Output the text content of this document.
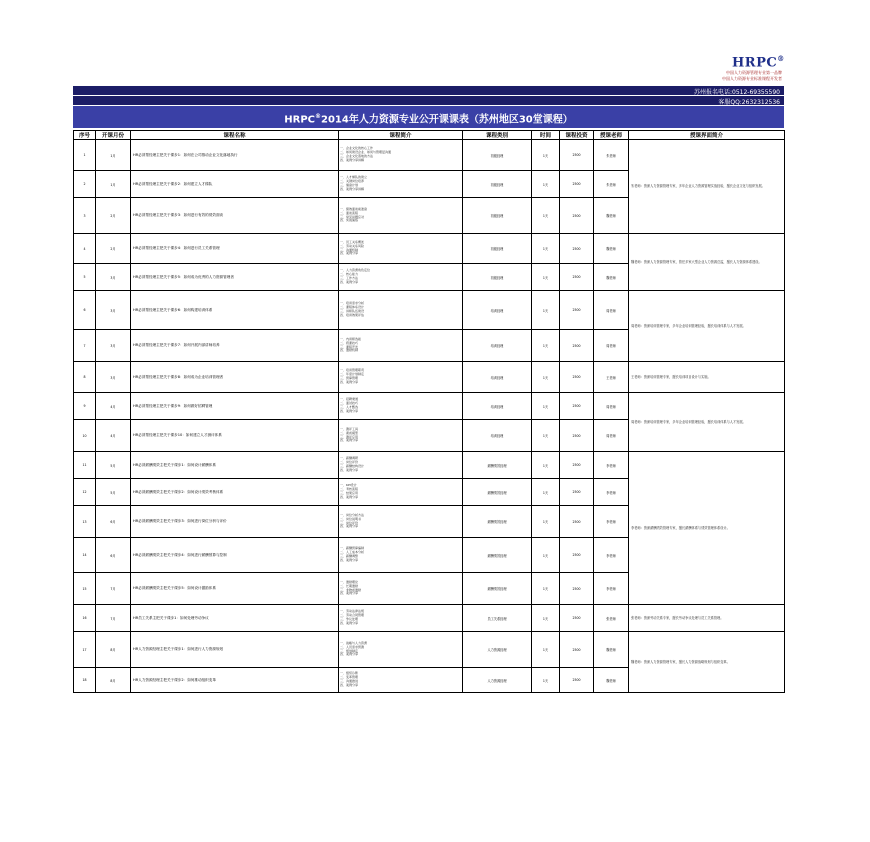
HRPC®
中国人力资源管理专业第一品牌
中国人力资源专业标准课程开发者
苏州报名电话:0512-69355590
客服QQ:2632312536
HRPC®2014年人力资源专业公开课课表（苏州地区30堂课程）
序号	开课月份	课程名称	课程简介	课程类别	时间	课程投资	授课老师	授课界面简介
1	1月	HR必须帮经理主把关于课步1：如何在公司推动企业文化落地执行	一、企业文化的核心工作
二、如何建设企业、如何与管理层沟通
三、企业文化落地的方法
四、案例分享讲解	初级经理	1天	2500	朱老师	朱老师：资深人力资源管理专家，多年企业人力资源管理实战经验，擅长企业文化与组织发展。
2	1月	HR必须帮经理主把关于课步2：如何建立人才梯队	一、人才梯队的建立
二、关键岗位培养
三、储备计划
四、案例分享讲解	初级经理	1天	2500	朱老师	
3	2月	HR必须帮经理主把关于课步3：如何进行有效的绩效面谈	一、绩效面谈前准备
二、面谈流程
三、常见问题应对
四、实战演练	初级经理	1天	2500	魏老师	
4	2月	HR必须帮经理主把关于课步4：如何进行员工关系管理	一、员工关系概述
二、劳动关系风险
三、沟通机制
四、案例分享	初级经理	1天	2500	魏老师	魏老师：资深人力资源管理专家，曾任多家大型企业人力资源总监，擅长人力资源体系建设。
5	3月	HR必须帮经理主把关于课步5：如何成为优秀的人力资源管理者	一、人力资源角色定位
二、核心能力
三、工作方法
四、案例分享	初级经理	1天	2500	魏老师	
6	3月	HR必须帮经理主把关于课步6：如何构建培训体系	一、培训需求分析
二、课程体系设计
三、讲师队伍建设
四、培训效果评估	培训经理	1天	2500	周老师	周老师：资深培训管理专家，多年企业培训管理经验，擅长培训体系与人才发展。
7	3月	HR必须帮经理主把关于课步7：如何开展内部讲师培养	一、内训师选拔
二、授课技巧
三、课程开发
四、激励机制	培训经理	1天	2500	周老师	
8	3月	HR必须帮经理主把关于课步8：如何成为企业培训管理者	一、培训管理职责
二、年度计划制定
三、预算管理
四、案例分享	培训经理	1天	2500	王老师	王老师：资深培训管理专家，擅长培训项目设计与实施。
9	4月	HR必须帮经理主把关于课步9：如何做好招聘管理	一、招聘渠道
二、面试技巧
三、人才甄选
四、案例分享	培训经理	1天	2500	周老师	周老师：资深培训管理专家，多年企业培训管理经验，擅长培训体系与人才发展。
10	4月	HR必须帮经理主把关于课步10：如何建立人才测评体系	一、测评工具
二、素质模型
三、测评应用
四、案例分享	培训经理	1天	2500	周老师	
11	5月	HR必须薪酬绩效主把关于课步1：如何设计薪酬体系	一、薪酬调研
二、岗位评价
三、薪酬结构设计
四、案例分享	薪酬绩效经理	1天	2500	李老师	李老师：资深薪酬绩效管理专家，擅长薪酬体系与绩效管理体系设计。
12	5月	HR必须薪酬绩效主把关于课步2：如何设计绩效考核体系	一、KPI设计
二、考核流程
三、结果应用
四、案例分享	薪酬绩效经理	1天	2500	李老师	
13	6月	HR必须薪酬绩效主把关于课步3：如何进行岗位分析与评价	一、岗位分析方法
二、岗位说明书
三、岗位评价
四、案例分享	薪酬绩效经理	1天	2500	李老师	
14	6月	HR必须薪酬绩效主把关于课步4：如何进行薪酬预算与控制	一、薪酬预算编制
二、人工成本分析
三、薪酬调整
四、案例分享	薪酬绩效经理	1天	2500	李老师	
15	7月	HR必须薪酬绩效主把关于课步5：如何设计激励体系	一、激励理论
二、长期激励
三、非物质激励
四、案例分享	薪酬绩效经理	1天	2500	李老师	
16	7月	HR员工关系主把关于课步1：如何处理劳动争议	一、劳动法律法规
二、劳动合同管理
三、争议处理
四、案例分享	员工关系经理	1天	2500	张老师	张老师：资深劳动关系专家，擅长劳动争议处理与员工关系管理。
17	8月	HR人力资源经理主把关于课步1：如何进行人力资源规划	一、战略与人力资源
二、人员需求预测
三、规划制定
四、案例分享	人力资源经理	1天	2500	魏老师	魏老师：资深人力资源管理专家，擅长人力资源战略规划与组织变革。
18	8月	HR人力资源经理主把关于课步2：如何推动组织变革	一、组织诊断
二、变革管理
三、沟通推进
四、案例分享	人力资源经理	1天	2500	魏老师	
